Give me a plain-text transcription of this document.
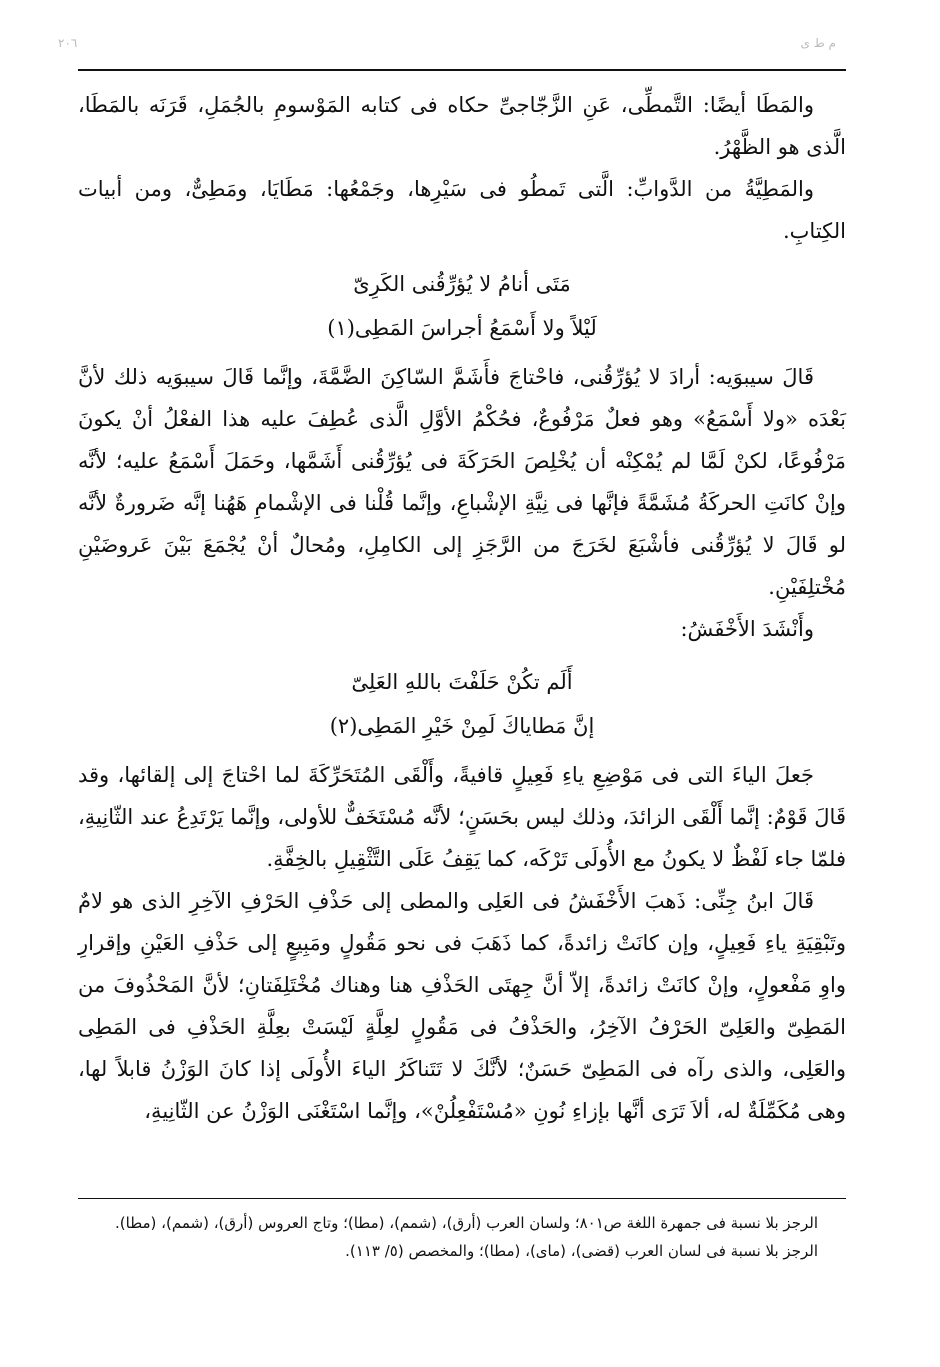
٢٠٦	م ط ى

والمَطَا أيضًا: التَّمطِّى، عَنِ الزَّجّاجىِّ حكاه فى كتابه المَوْسومِ بالجُمَلِ، قَرَنَه بالمَطَا، الَّذى هو الظَّهْرُ.

والمَطِيَّةُ من الدَّوابِّ: الَّتى تَمطُو فى سَيْرِها، وجَمْعُها: مَطَايَا، ومَطِىٌّ، ومن أبيات الكِتابِ.

مَتَى أنامُ لا يُؤرِّقُنى الكَرِىّ

لَيْلاً ولا أَسْمَعُ أجراسَ المَطِى(١)

قَالَ سيبوَيه: أرادَ لا يُؤرِّقُنى، فاحْتاجَ فأَشَمَّ السّاكِنَ الضَّمَّةَ، وإنَّما قَالَ سيبوَيه ذلك لأنَّ بَعْدَه «ولا أَسْمَعُ» وهو فعلٌ مَرْفُوعٌ، فحُكْمُ الأوَّلِ الَّذى عُطِفَ عليه هذا الفعْلُ أنْ يكونَ مَرْفُوعًا، لكنْ لَمَّا لم يُمْكِنْه أن يُخْلِصَ الحَرَكَةَ فى يُؤرِّقُنى أَشَمَّها، وحَمَلَ أَسْمَعُ عليه؛ لأنَّه وإنْ كانَتِ الحركَةُ مُشَمَّةً فإنَّها فى نِيَّةِ الإشْباعِ، وإنَّما قُلْنا فى الإشْمامِ هَهُنا إنَّه ضَرورةٌ لأنَّه لو قَالَ لا يُؤرِّقُنى فأشْبَعَ لخَرَجَ من الرَّجَزِ إلى الكامِلِ، ومُحالٌ أنْ يُجْمَعَ بَيْنَ عَروضَيْنِ مُخْتلِفَيْنِ.

وأَنْشَدَ الأَخْفَشُ:

أَلَم تكُنْ حَلَفْتَ باللهِ العَلِىّ

إنَّ مَطاياكَ لَمِنْ خَيْرِ المَطِى(٢)

جَعلَ الياءَ التى فى مَوْضِعِ ياءِ فَعِيلٍ قافيةً، وأَلْقَى المُتَحَرِّكَةَ لما احْتاجَ إلى إلقائها، وقد قَالَ قَوْمٌ: إنَّما أَلْقَى الزائدَ، وذلك ليس بحَسَنٍ؛ لأنَّه مُسْتَخَفٌّ للأولى، وإنَّما يَرْتَدِعُ عند الثّانِيةِ، فلمّا جاء لَفْظٌ لا يكونُ مع الأُولَى تَرْكَه، كما يَقِفُ عَلَى التَّثْقِيلِ بالخِفَّةِ.

قَالَ ابنُ جِنِّى: ذَهبَ الأَخْفَشُ فى العَلِى والمطى إلى حَذْفِ الحَرْفِ الآخِرِ الذى هو لامٌ وتَبْقِيَةِ ياءِ فَعِيلٍ، وإن كانَتْ زائدةً، كما ذَهَبَ فى نحو مَقُولٍ ومَبِيعٍ إلى حَذْفِ العَيْنِ وإقرارِ واوِ مَفْعولٍ، وإنْ كانَتْ زائدةً، إلاّ أنَّ جِهتَى الحَذْفِ هنا وهناك مُخْتَلِفَتانِ؛ لأنَّ المَحْذُوفَ من المَطِىّ والعَلِىّ الحَرْفُ الآخِرُ، والحَذْفُ فى مَقُولٍ لعِلَّةٍ لَيْسَتْ بعِلَّةِ الحَذْفِ فى المَطِى والعَلِى، والذى رآه فى المَطِىّ حَسَنٌ؛ لأنَّكَ لا تَتَناكَرُ الياءَ الأُولَى إذا كانَ الوَزْنُ قابلاً لها، وهى مُكَمِّلَةٌ له، ألاَ تَرَى أنَّها بإزاءِ نُونِ «مُسْتَفْعِلُنْ»، وإنَّما اسْتَغْنَى الوَزْنُ عن الثّانِيةِ،

الرجز بلا نسبة فى جمهرة اللغة ص٨٠١؛ ولسان العرب (أرق)، (شمم)، (مطا)؛ وتاج العروس (أرق)، (شمم)، (مطا).

الرجز بلا نسبة فى لسان العرب (قضى)، (ماى)، (مطا)؛ والمخصص (٥/ ١١٣).
